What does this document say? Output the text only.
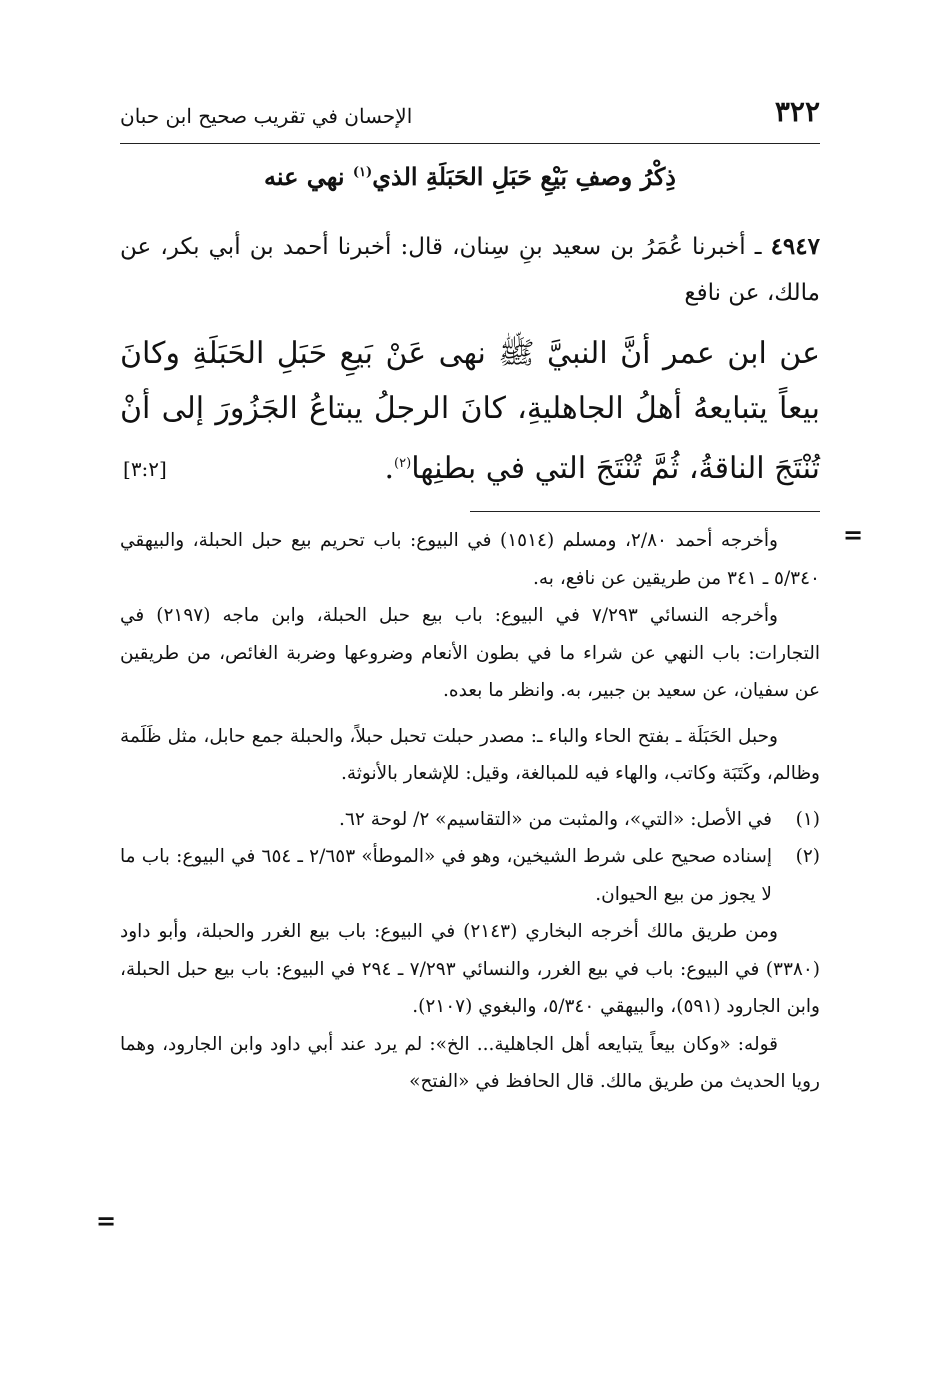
٣٢٢
الإحسان في تقريب صحيح ابن حبان
ذِكْرُ وصفِ بَيْعِ حَبَلِ الحَبَلَةِ الذي$^{(١)}$ نهي عنه
٤٩٤٧ ـ أخبرنا عُمَرُ بن سعيد بنِ سِنان، قال: أخبرنا أحمد بن أبي بكر، عن مالك، عن نافع
عن ابن عمر أنَّ النبيَّ ﷺ نهى عَنْ بَيعِ حَبَلِ الحَبَلَةِ وكانَ بيعاً يتبايعهُ أهلُ الجاهليةِ، كانَ الرجلُ يبتاعُ الجَزُورَ إلى أنْ تُنْتَجَ الناقةُ، ثُمَّ تُنْتَجَ التي في بطنِها$^{(٢)}$.
[٣:٢]
=
=

وأخرجه أحمد ٢/٨٠، ومسلم (١٥١٤) في البيوع: باب تحريم بيع حبل الحبلة، والبيهقي ٥/٣٤٠ ـ ٣٤١ من طريقين عن نافع، به.

وأخرجه النسائي ٧/٢٩٣ في البيوع: باب بيع حبل الحبلة، وابن ماجه (٢١٩٧) في التجارات: باب النهي عن شراء ما في بطون الأنعام وضروعها وضربة الغائص، من طريقين عن سفيان، عن سعيد بن جبير، به. وانظر ما بعده.

وحبل الحَبَلَة ـ بفتح الحاء والباء ـ: مصدر حبلت تحبل حبلاً، والحبلة جمع حابل، مثل ظَلَمة وظالم، وكَتَبَة وكاتب، والهاء فيه للمبالغة، وقيل: للإشعار بالأنوثة.

(١)
في الأصل: «التي»، والمثبت من «التقاسيم» ٢/ لوحة ٦٢.
(٢)
إسناده صحيح على شرط الشيخين، وهو في «الموطأ» ٢/٦٥٣ ـ ٦٥٤ في البيوع: باب ما لا يجوز من بيع الحيوان.

ومن طريق مالك أخرجه البخاري (٢١٤٣) في البيوع: باب بيع الغرر والحبلة، وأبو داود (٣٣٨٠) في البيوع: باب في بيع الغرر، والنسائي ٧/٢٩٣ ـ ٢٩٤ في البيوع: باب بيع حبل الحبلة، وابن الجارود (٥٩١)، والبيهقي ٥/٣٤٠، والبغوي (٢١٠٧).

قوله: «وكان بيعاً يتبايعه أهل الجاهلية... الخ»: لم يرد عند أبي داود وابن الجارود، وهما رويا الحديث من طريق مالك. قال الحافظ في «الفتح»
